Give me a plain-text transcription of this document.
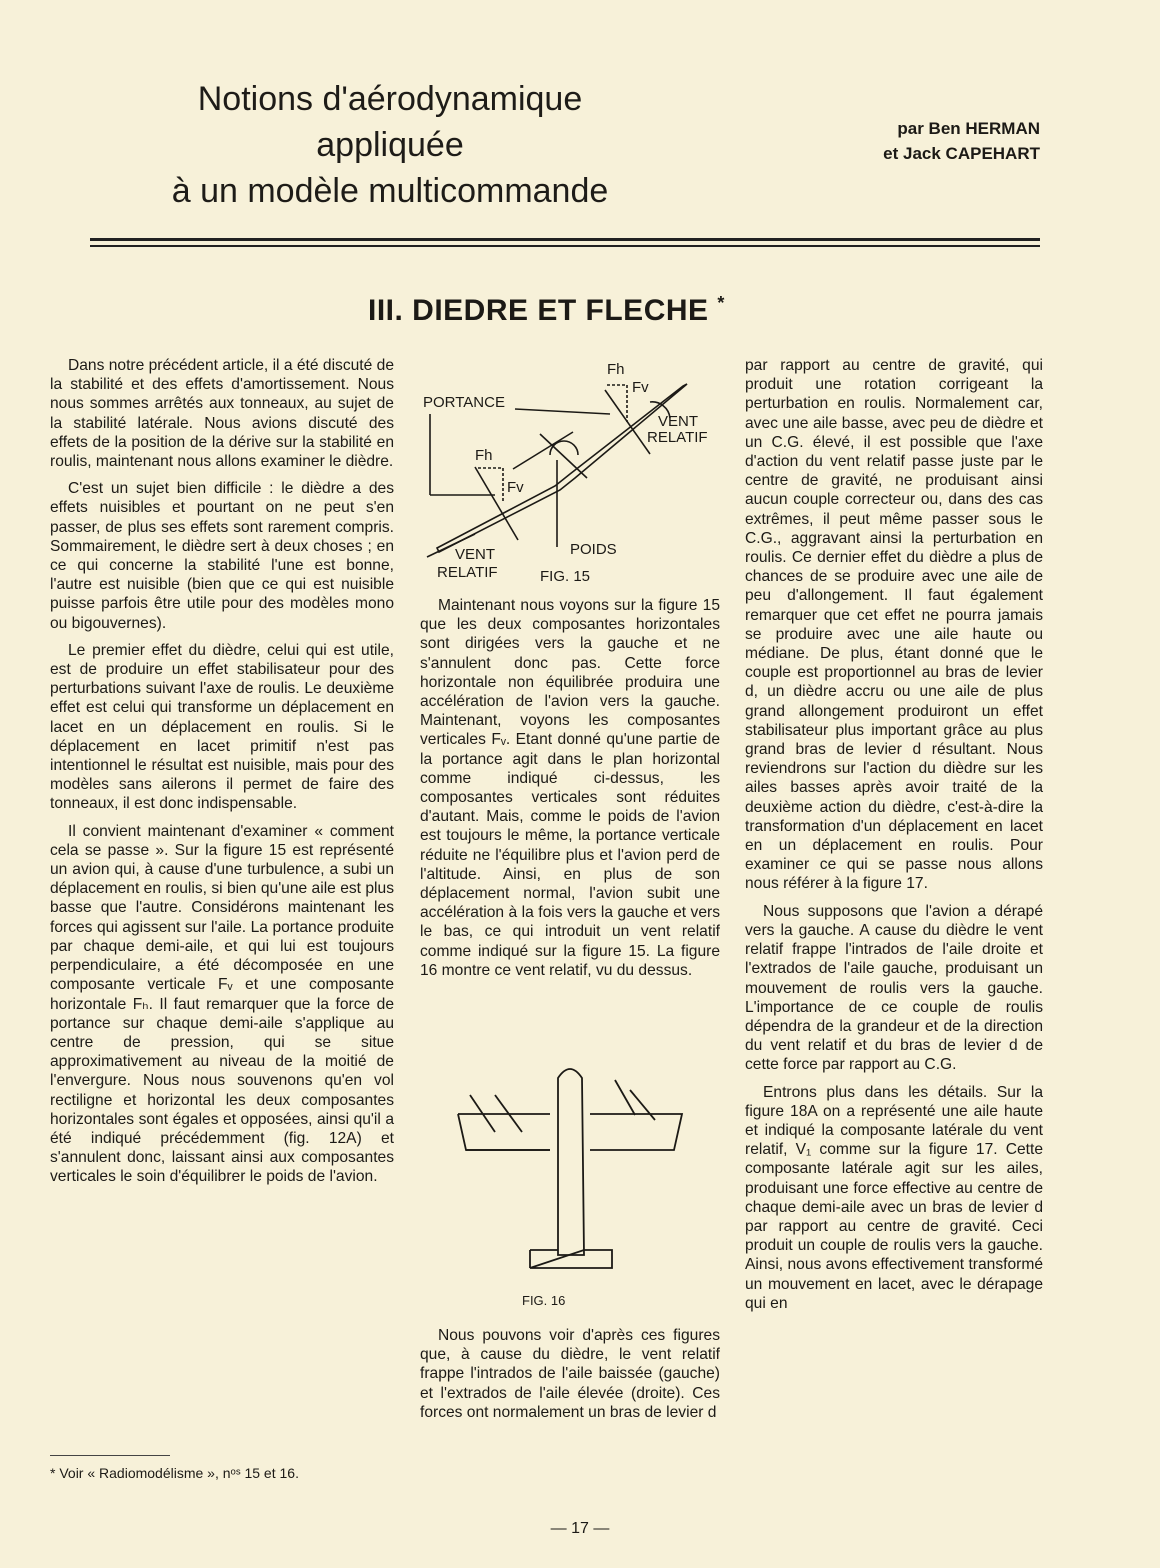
Notions d'aérodynamique
appliquée
à un modèle multicommande
par Ben HERMAN
et Jack CAPEHART
III. DIEDRE ET FLECHE *

Dans notre précédent article, il a été discuté de la stabilité et des effets d'amortissement. Nous nous sommes arrêtés aux tonneaux, au sujet de la stabilité latérale. Nous avions discuté des effets de la position de la dérive sur la stabilité en roulis, maintenant nous allons examiner le dièdre.

C'est un sujet bien difficile : le dièdre a des effets nuisibles et pourtant on ne peut s'en passer, de plus ses effets sont rarement compris. Sommairement, le dièdre sert à deux choses ; en ce qui concerne la stabilité l'une est bonne, l'autre est nuisible (bien que ce qui est nuisible puisse parfois être utile pour des modèles mono ou bigouvernes).

Le premier effet du dièdre, celui qui est utile, est de produire un effet stabilisateur pour des perturbations suivant l'axe de roulis. Le deuxième effet est celui qui transforme un déplacement en lacet en un déplacement en roulis. Si le déplacement en lacet primitif n'est pas intentionnel le résultat est nuisible, mais pour des modèles sans ailerons il permet de faire des tonneaux, il est donc indispensable.

Il convient maintenant d'examiner « comment cela se passe ». Sur la figure 15 est représenté un avion qui, à cause d'une turbulence, a subi un déplacement en roulis, si bien qu'une aile est plus basse que l'autre. Considérons maintenant les forces qui agissent sur l'aile. La portance produite par chaque demi-aile, et qui lui est toujours perpendiculaire, a été décomposée en une composante verticale Fᵥ et une composante horizontale Fₕ. Il faut remarquer que la force de portance sur chaque demi-aile s'applique au centre de pression, qui se situe approximativement au niveau de la moitié de l'envergure. Nous nous souvenons qu'en vol rectiligne et horizontal les deux composantes horizontales sont égales et opposées, ainsi qu'il a été indiqué précédemment (fig. 12A) et s'annulent donc, laissant ainsi aux composantes verticales le soin d'équilibrer le poids de l'avion.

PORTANCE
Fh
Fv
Fh
Fv
VENT
RELATIF
VENT
RELATIF
POIDS
FIG. 15

Maintenant nous voyons sur la figure 15 que les deux composantes horizontales sont dirigées vers la gauche et ne s'annulent donc pas. Cette force horizontale non équilibrée produira une accélération de l'avion vers la gauche. Maintenant, voyons les composantes verticales Fᵥ. Etant donné qu'une partie de la portance agit dans le plan horizontal comme indiqué ci-dessus, les composantes verticales sont réduites d'autant. Mais, comme le poids de l'avion est toujours le même, la portance verticale réduite ne l'équilibre plus et l'avion perd de l'altitude. Ainsi, en plus de son déplacement normal, l'avion subit une accélération à la fois vers la gauche et vers le bas, ce qui introduit un vent relatif comme indiqué sur la figure 15. La figure 16 montre ce vent relatif, vu du dessus.

FIG. 16

Nous pouvons voir d'après ces figures que, à cause du dièdre, le vent relatif frappe l'intrados de l'aile baissée (gauche) et l'extrados de l'aile élevée (droite). Ces forces ont normalement un bras de levier d

par rapport au centre de gravité, qui produit une rotation corrigeant la perturbation en roulis. Normalement car, avec une aile basse, avec peu de dièdre et un C.G. élevé, il est possible que l'axe d'action du vent relatif passe juste par le centre de gravité, ne produisant ainsi aucun couple correcteur ou, dans des cas extrêmes, il peut même passer sous le C.G., aggravant ainsi la perturbation en roulis. Ce dernier effet du dièdre a plus de chances de se produire avec une aile de peu d'allongement. Il faut également remarquer que cet effet ne pourra jamais se produire avec une aile haute ou médiane. De plus, étant donné que le couple est proportionnel au bras de levier d, un dièdre accru ou une aile de plus grand allongement produiront un effet stabilisateur plus important grâce au plus grand bras de levier d résultant. Nous reviendrons sur l'action du dièdre sur les ailes basses après avoir traité de la deuxième action du dièdre, c'est-à-dire la transformation d'un déplacement en lacet en un déplacement en roulis. Pour examiner ce qui se passe nous allons nous référer à la figure 17.

Nous supposons que l'avion a dérapé vers la gauche. A cause du dièdre le vent relatif frappe l'intrados de l'aile droite et l'extrados de l'aile gauche, produisant un mouvement de roulis vers la gauche. L'importance de ce couple de roulis dépendra de la grandeur et de la direction du vent relatif et du bras de levier d de cette force par rapport au C.G.

Entrons plus dans les détails. Sur la figure 18A on a représenté une aile haute et indiqué la composante latérale du vent relatif, V₁ comme sur la figure 17. Cette composante latérale agit sur les ailes, produisant une force effective au centre de chaque demi-aile avec un bras de levier d par rapport au centre de gravité. Ceci produit un couple de roulis vers la gauche. Ainsi, nous avons effectivement transformé un mouvement en lacet, avec le dérapage qui en

* Voir « Radiomodélisme », nᵒˢ 15 et 16.
— 17 —
